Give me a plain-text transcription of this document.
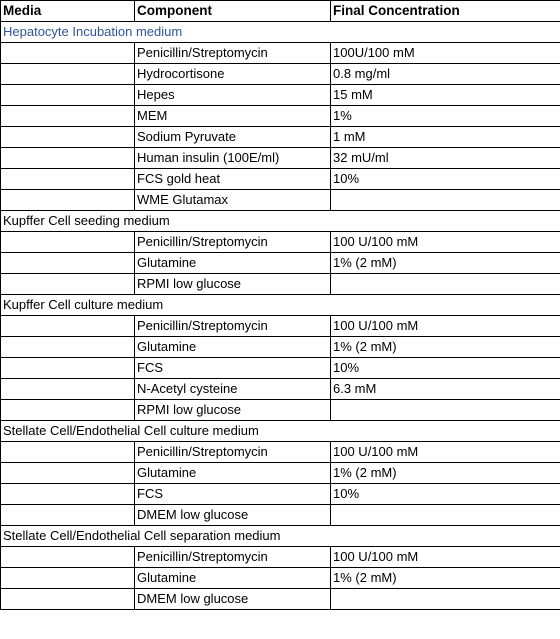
Media	Component	Final Concentration
Hepatocyte Incubation medium		
	Penicillin/Streptomycin	100U/100 mM
	Hydrocortisone	0.8 mg/ml
	Hepes	15 mM
	MEM	1%
	Sodium Pyruvate	1 mM
	Human insulin (100E/ml)	32 mU/ml
	FCS gold heat	10%
	WME Glutamax	
Kupffer Cell seeding medium		
	Penicillin/Streptomycin	100 U/100 mM
	Glutamine	1% (2 mM)
	RPMI low glucose	
Kupffer Cell culture medium		
	Penicillin/Streptomycin	100 U/100 mM
	Glutamine	1% (2 mM)
	FCS	10%
	N-Acetyl cysteine	6.3 mM
	RPMI low glucose	
Stellate Cell/Endothelial Cell culture medium		
	Penicillin/Streptomycin	100 U/100 mM
	Glutamine	1% (2 mM)
	FCS	10%
	DMEM low glucose	
Stellate Cell/Endothelial Cell separation medium		
	Penicillin/Streptomycin	100 U/100 mM
	Glutamine	1% (2 mM)
	DMEM low glucose	
